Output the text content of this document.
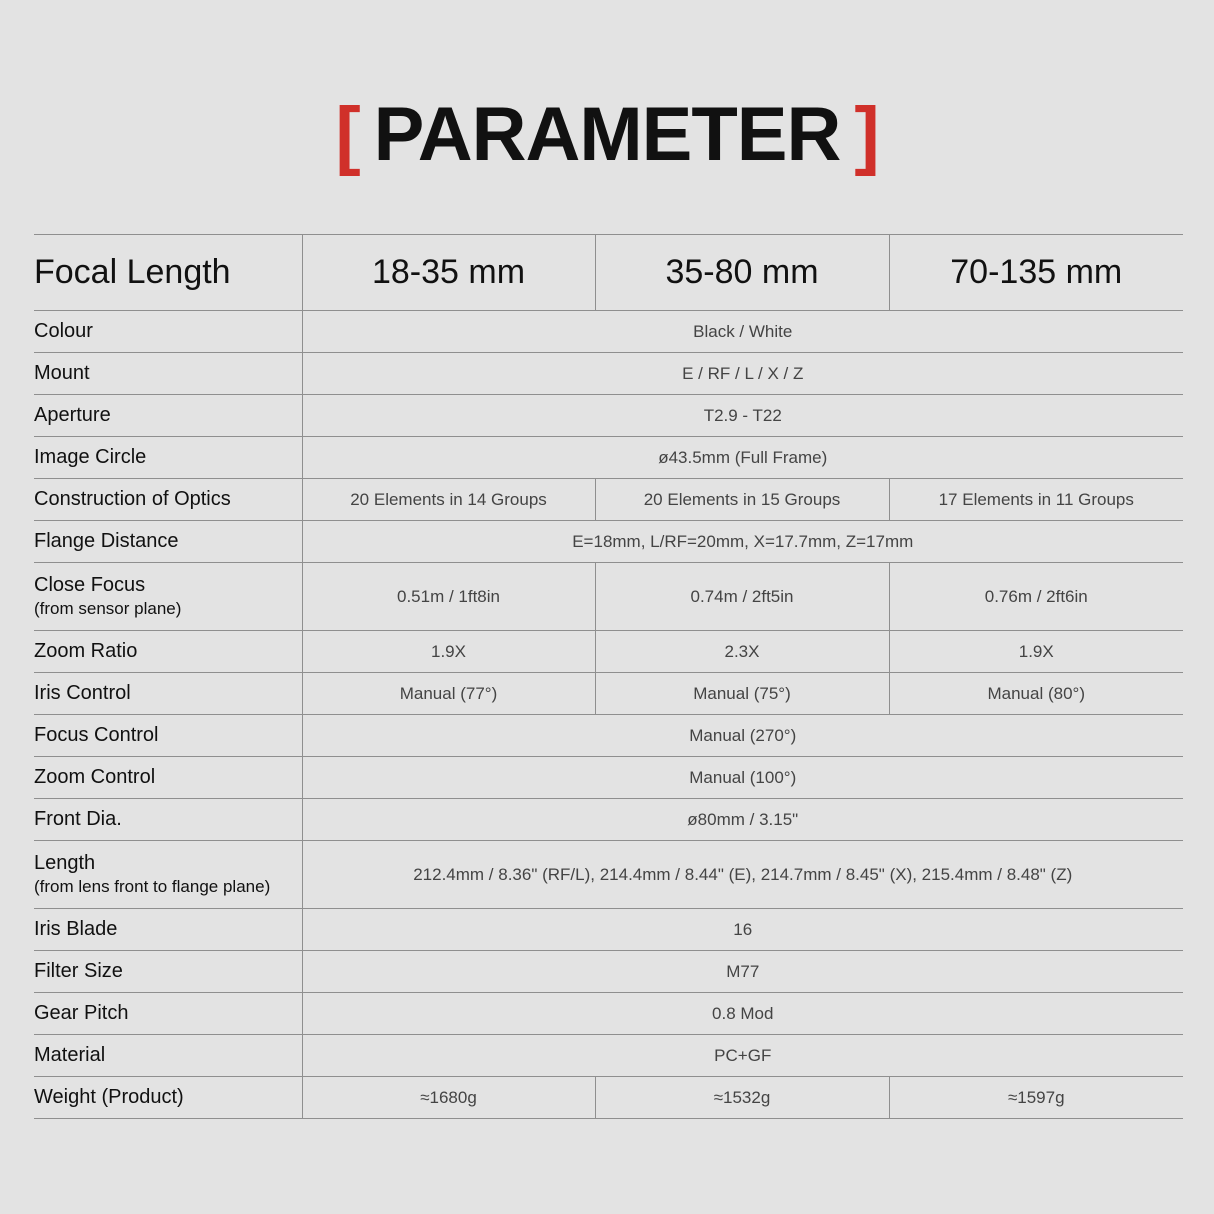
[ PARAMETER ]
Focal Length	18-35 mm	35-80 mm	70-135 mm
Colour	Black / White		
Mount	E / RF / L / X / Z		
Aperture	T2.9 - T22		
Image Circle	ø43.5mm (Full Frame)		
Construction of Optics	20 Elements in 14 Groups	20 Elements in 15 Groups	17 Elements in 11 Groups
Flange Distance	E=18mm, L/RF=20mm, X=17.7mm, Z=17mm		
Close Focus
(from sensor plane)	0.51m / 1ft8in	0.74m / 2ft5in	0.76m / 2ft6in
Zoom Ratio	1.9X	2.3X	1.9X
Iris Control	Manual (77°)	Manual (75°)	Manual (80°)
Focus Control	Manual (270°)		
Zoom Control	Manual (100°)		
Front Dia.	ø80mm / 3.15"		
Length
(from lens front to flange plane)	212.4mm / 8.36" (RF/L), 214.4mm / 8.44" (E), 214.7mm / 8.45" (X), 215.4mm / 8.48" (Z)		
Iris Blade	16		
Filter Size	M77		
Gear Pitch	0.8 Mod		
Material	PC+GF		
Weight (Product)	≈1680g	≈1532g	≈1597g
